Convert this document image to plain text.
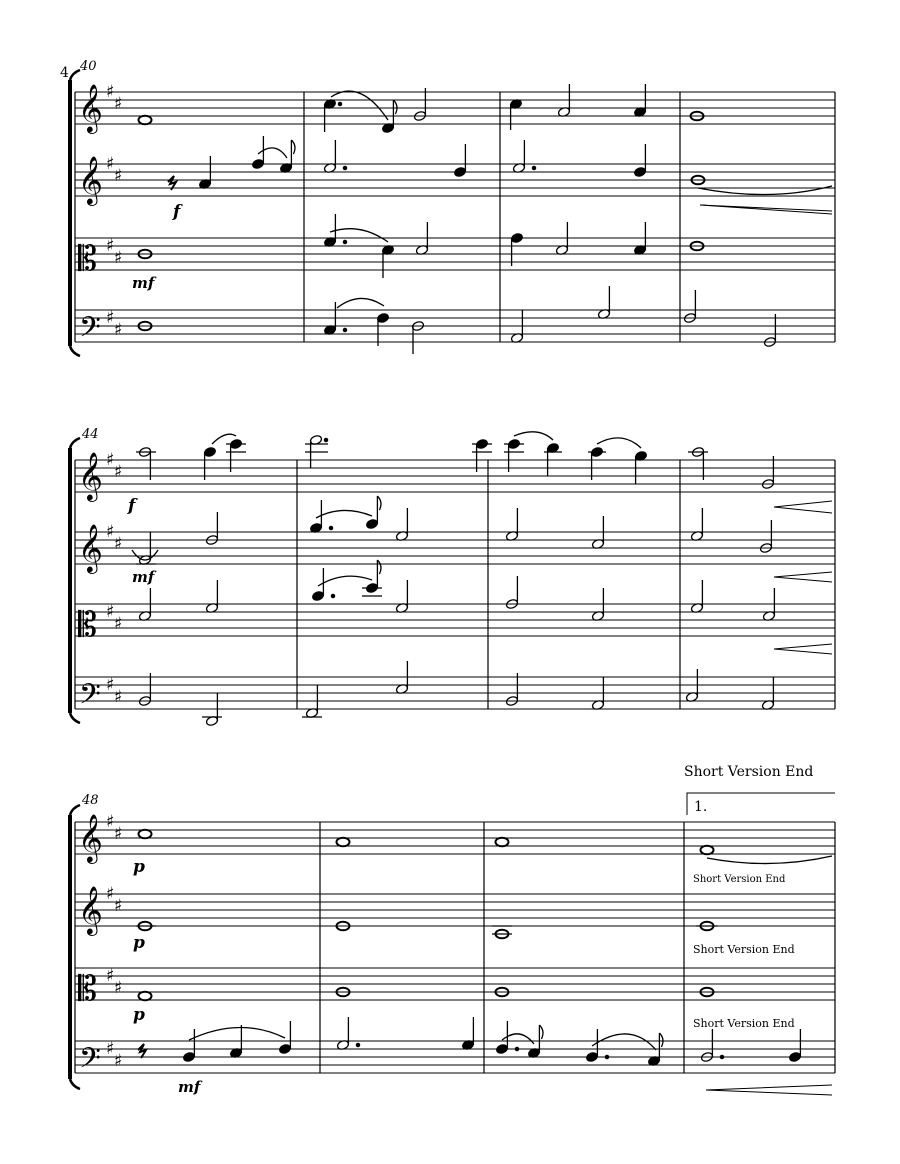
4 40
44
48
𝄞
𝄞
𝄡
𝄢
♯
♯
♯
♯
♯
♯
♯
♯
f
mf
𝄞
𝄞
𝄡
𝄢
♯
♯
♯
♯
♯
♯
♯
♯
f
mf
Short Version End
1.
𝄞
𝄞
𝄡
𝄢
♯
♯
♯
♯
♯
♯
♯
♯
Short Version End
Short Version End
Short Version End
p
p
p
mf
